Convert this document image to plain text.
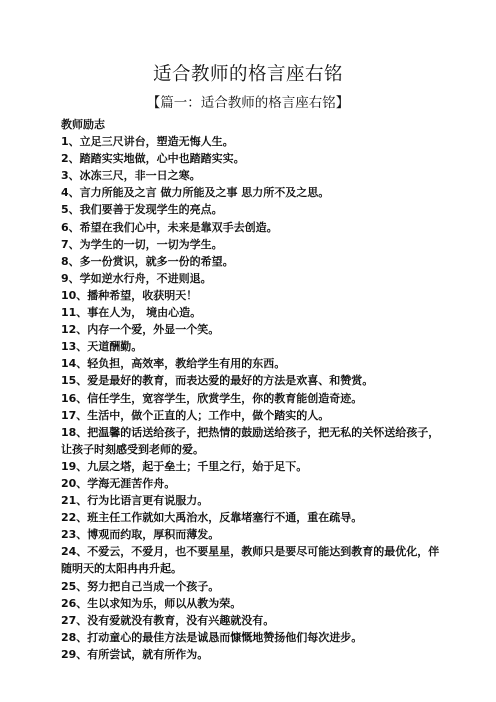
适合教师的格言座右铭
【篇一：适合教师的格言座右铭】
教师励志
1、立足三尺讲台，塑造无悔人生。
2、踏踏实实地做，心中也踏踏实实。
3、冰冻三尺，非一日之寒。
4、言力所能及之言 做力所能及之事 思力所不及之思。
5、我们要善于发现学生的亮点。
6、希望在我们心中，未来是靠双手去创造。
7、为学生的一切，一切为学生。
8、多一份赏识，就多一份的希望。
9、学如逆水行舟，不进则退。
10、播种希望，收获明天！
11、事在人为， 境由心造。
12、内存一个爱，外显一个笑。
13、天道酬勤。
14、轻负担，高效率，教给学生有用的东西。
15、爱是最好的教育，而表达爱的最好的方法是欢喜、和赞赏。
16、信任学生，宽容学生，欣赏学生，你的教育能创造奇迹。
17、生活中，做个正直的人；工作中，做个踏实的人。
18、把温馨的话送给孩子，把热情的鼓励送给孩子，把无私的关怀送给孩子，让孩子时刻感受到老师的爱。
19、九层之塔，起于垒土；千里之行，始于足下。
20、学海无涯苦作舟。
21、行为比语言更有说服力。
22、班主任工作就如大禹治水，反靠堵塞行不通，重在疏导。
23、博观而约取，厚积而薄发。
24、不爱云，不爱月，也不要星星，教师只是要尽可能达到教育的最优化，伴随明天的太阳冉冉升起。
25、努力把自己当成一个孩子。
26、生以求知为乐，师以从教为荣。
27、没有爱就没有教育，没有兴趣就没有。
28、打动童心的最佳方法是诚恳而慷慨地赞扬他们每次进步。
29、有所尝试，就有所作为。
